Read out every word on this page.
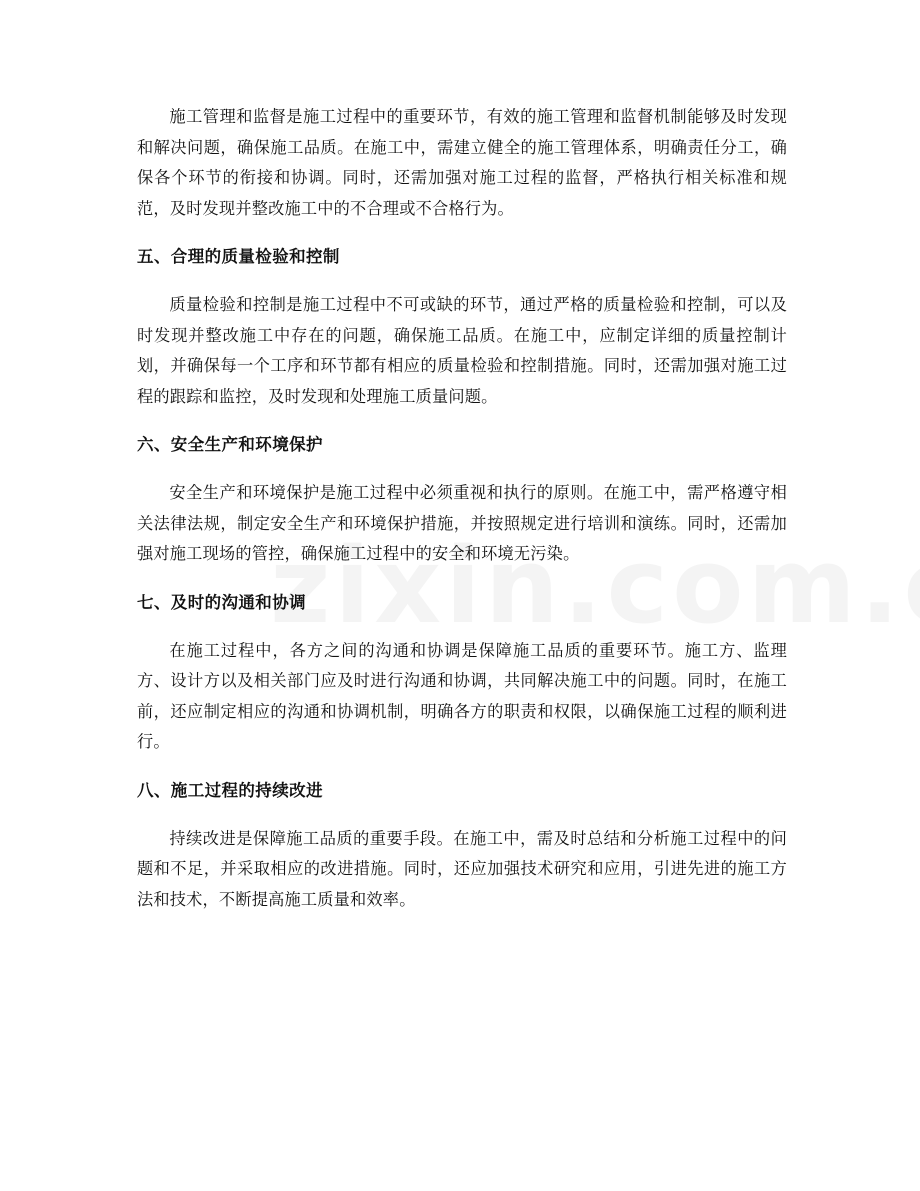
施工管理和监督是施工过程中的重要环节，有效的施工管理和监督机制能够及时发现和解决问题，确保施工品质。在施工中，需建立健全的施工管理体系，明确责任分工，确保各个环节的衔接和协调。同时，还需加强对施工过程的监督，严格执行相关标准和规范，及时发现并整改施工中的不合理或不合格行为。

五、合理的质量检验和控制

质量检验和控制是施工过程中不可或缺的环节，通过严格的质量检验和控制，可以及时发现并整改施工中存在的问题，确保施工品质。在施工中，应制定详细的质量控制计划，并确保每一个工序和环节都有相应的质量检验和控制措施。同时，还需加强对施工过程的跟踪和监控，及时发现和处理施工质量问题。

六、安全生产和环境保护

安全生产和环境保护是施工过程中必须重视和执行的原则。在施工中，需严格遵守相关法律法规，制定安全生产和环境保护措施，并按照规定进行培训和演练。同时，还需加强对施工现场的管控，确保施工过程中的安全和环境无污染。

七、及时的沟通和协调

在施工过程中，各方之间的沟通和协调是保障施工品质的重要环节。施工方、监理方、设计方以及相关部门应及时进行沟通和协调，共同解决施工中的问题。同时，在施工前，还应制定相应的沟通和协调机制，明确各方的职责和权限，以确保施工过程的顺利进行。

八、施工过程的持续改进

持续改进是保障施工品质的重要手段。在施工中，需及时总结和分析施工过程中的问题和不足，并采取相应的改进措施。同时，还应加强技术研究和应用，引进先进的施工方法和技术，不断提高施工质量和效率。
